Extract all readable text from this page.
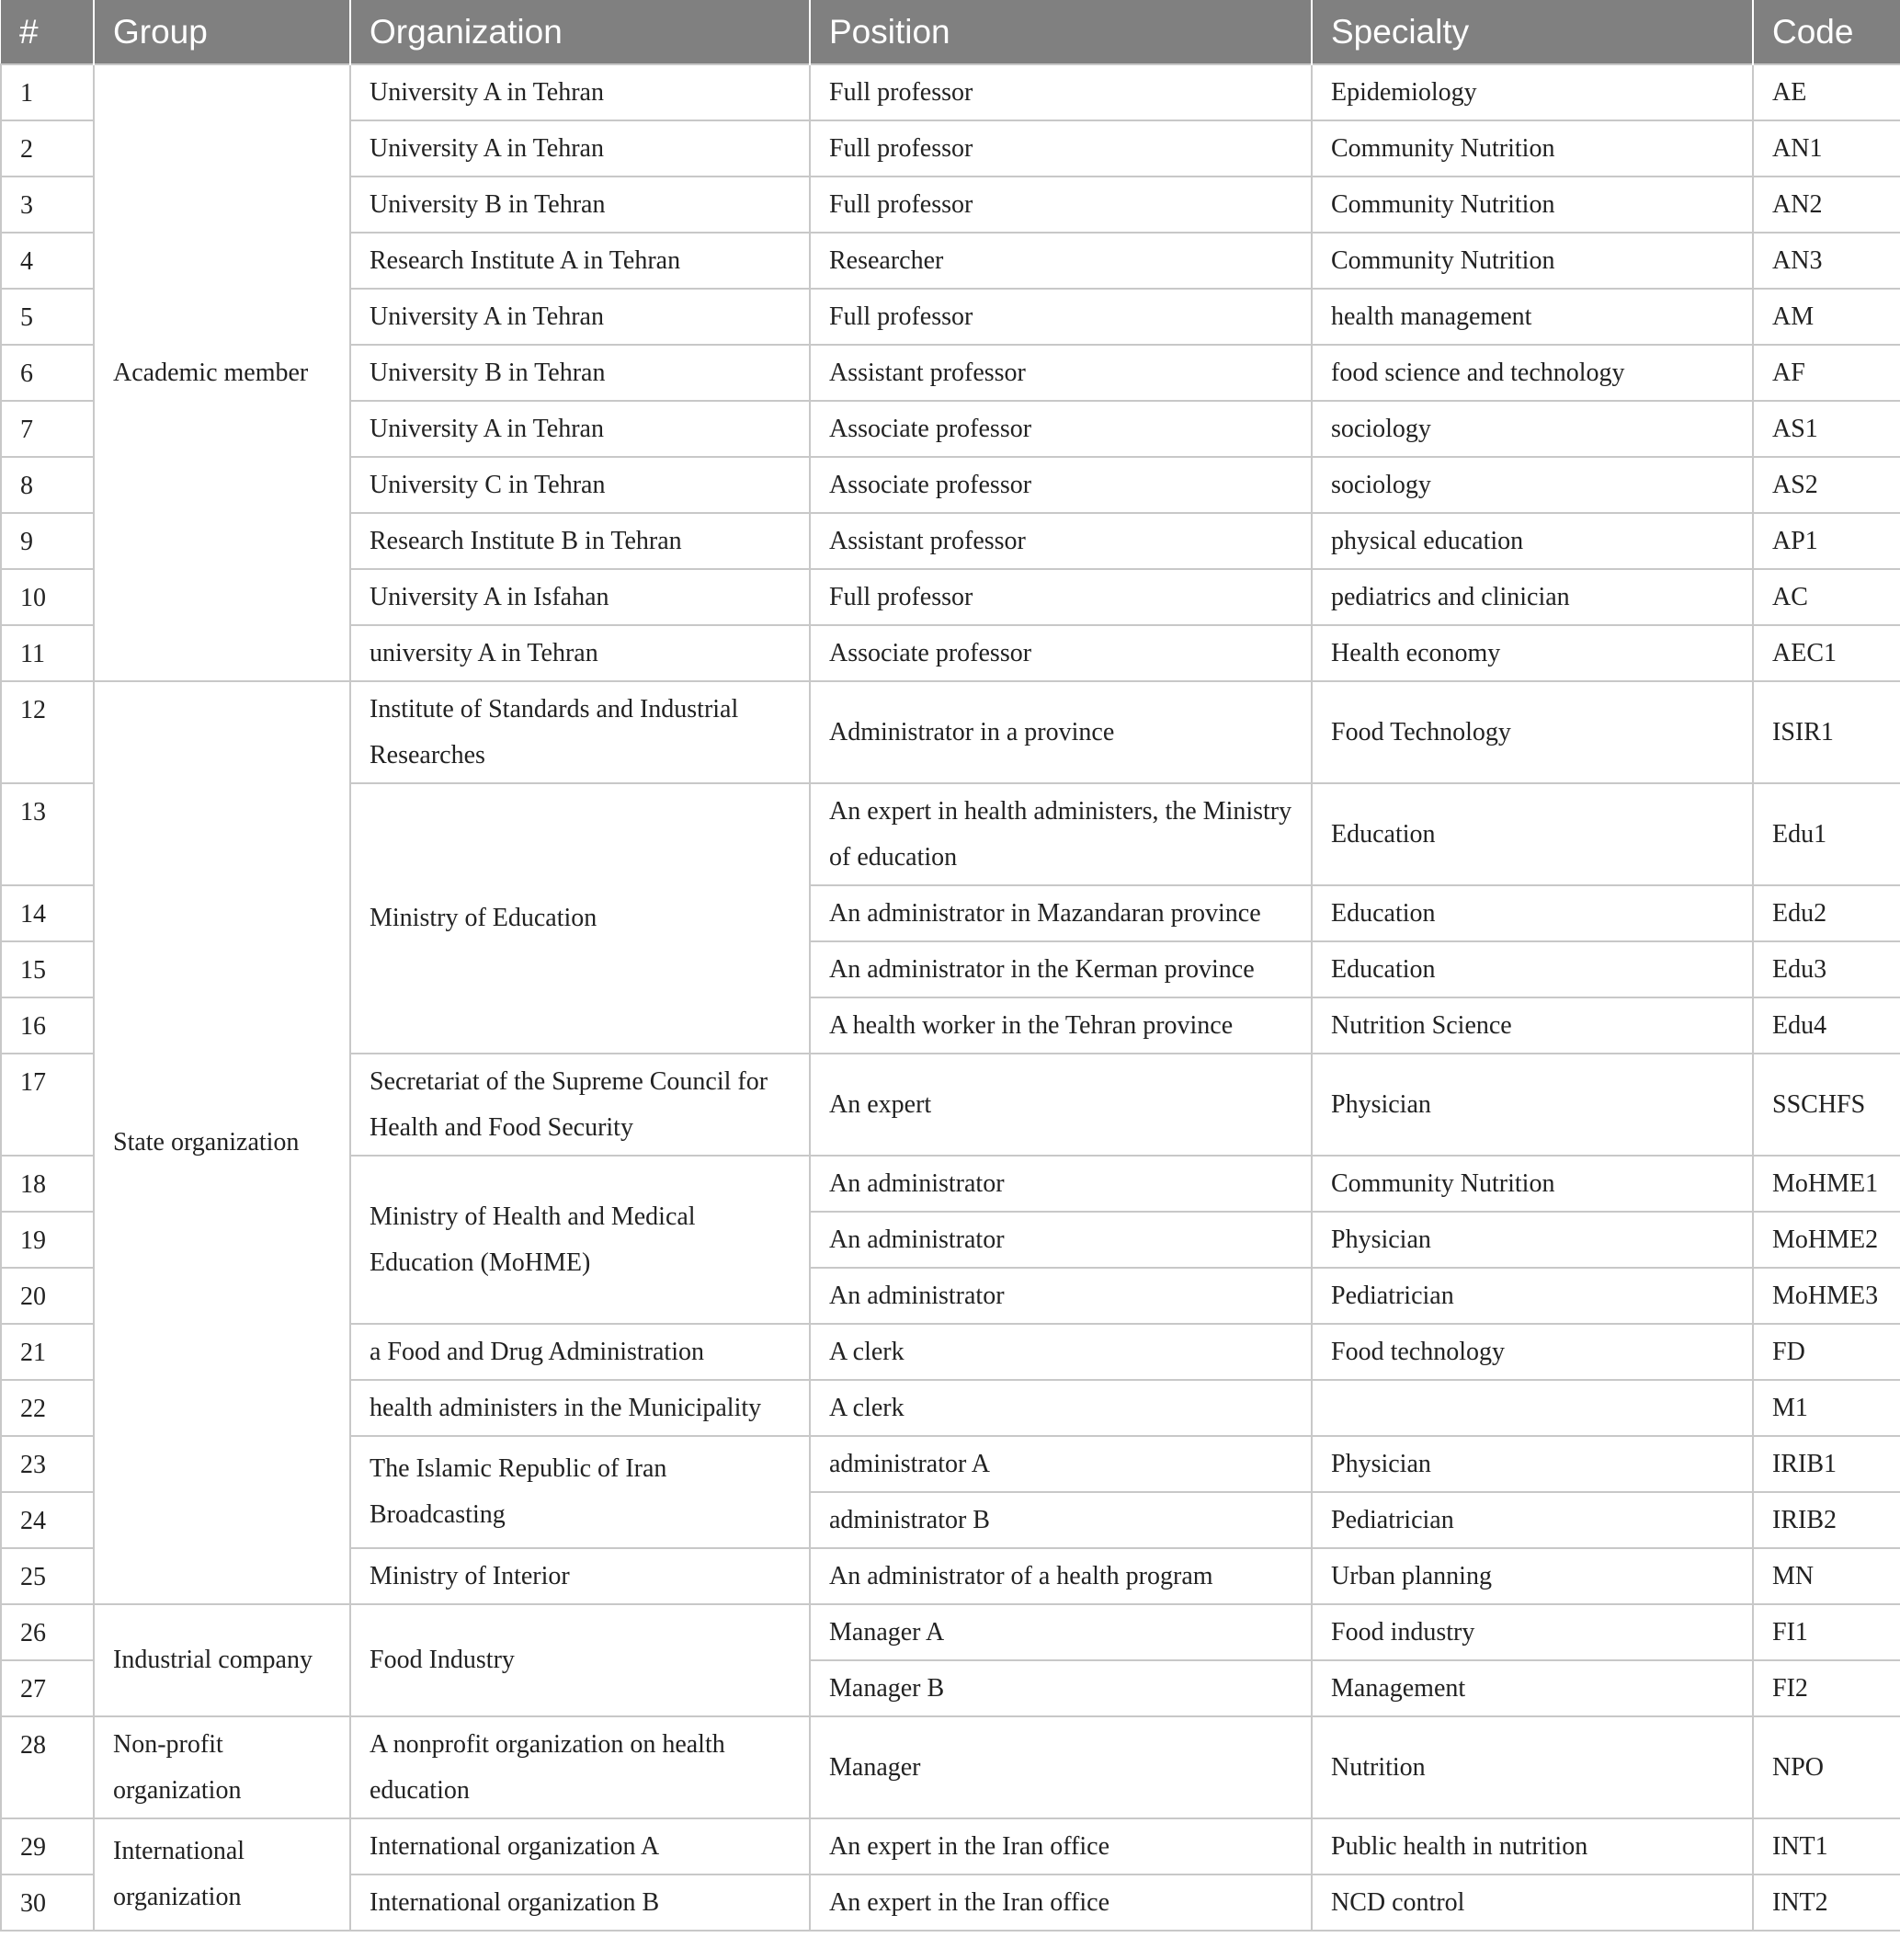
#	Group	Organization	Position	Specialty	Code
1	Academic member	University A in Tehran	Full professor	Epidemiology	AE
2		University A in Tehran	Full professor	Community Nutrition	AN1
3		University B in Tehran	Full professor	Community Nutrition	AN2
4		Research Institute A in Tehran	Researcher	Community Nutrition	AN3
5		University A in Tehran	Full professor	health management	AM
6		University B in Tehran	Assistant professor	food science and technology	AF
7		University A in Tehran	Associate professor	sociology	AS1
8		University C in Tehran	Associate professor	sociology	AS2
9		Research Institute B in Tehran	Assistant professor	physical education	AP1
10		University A in Isfahan	Full professor	pediatrics and clinician	AC
11		university A in Tehran	Associate professor	Health economy	AEC1
12	State organization	Institute of Standards and Industrial Researches	Administrator in a province	Food Technology	ISIR1
13		Ministry of Education	An expert in health administers, the Ministry of education	Education	Edu1
14			An administrator in Mazandaran province	Education	Edu2
15			An administrator in the Kerman province	Education	Edu3
16			A health worker in the Tehran province	Nutrition Science	Edu4
17		Secretariat of the Supreme Council for Health and Food Security	An expert	Physician	SSCHFS
18		Ministry of Health and Medical Education (MoHME)	An administrator	Community Nutrition	MoHME1
19			An administrator	Physician	MoHME2
20			An administrator	Pediatrician	MoHME3
21		a Food and Drug Administration	A clerk	Food technology	FD
22		health administers in the Municipality	A clerk		M1
23		The Islamic Republic of Iran Broadcasting	administrator A	Physician	IRIB1
24			administrator B	Pediatrician	IRIB2
25		Ministry of Interior	An administrator of a health program	Urban planning	MN
26	Industrial company	Food Industry	Manager A	Food industry	FI1
27			Manager B	Management	FI2
28	Non-profit organization	A nonprofit organization on health education	Manager	Nutrition	NPO
29	International organization	International organization A	An expert in the Iran office	Public health in nutrition	INT1
30		International organization B	An expert in the Iran office	NCD control	INT2
